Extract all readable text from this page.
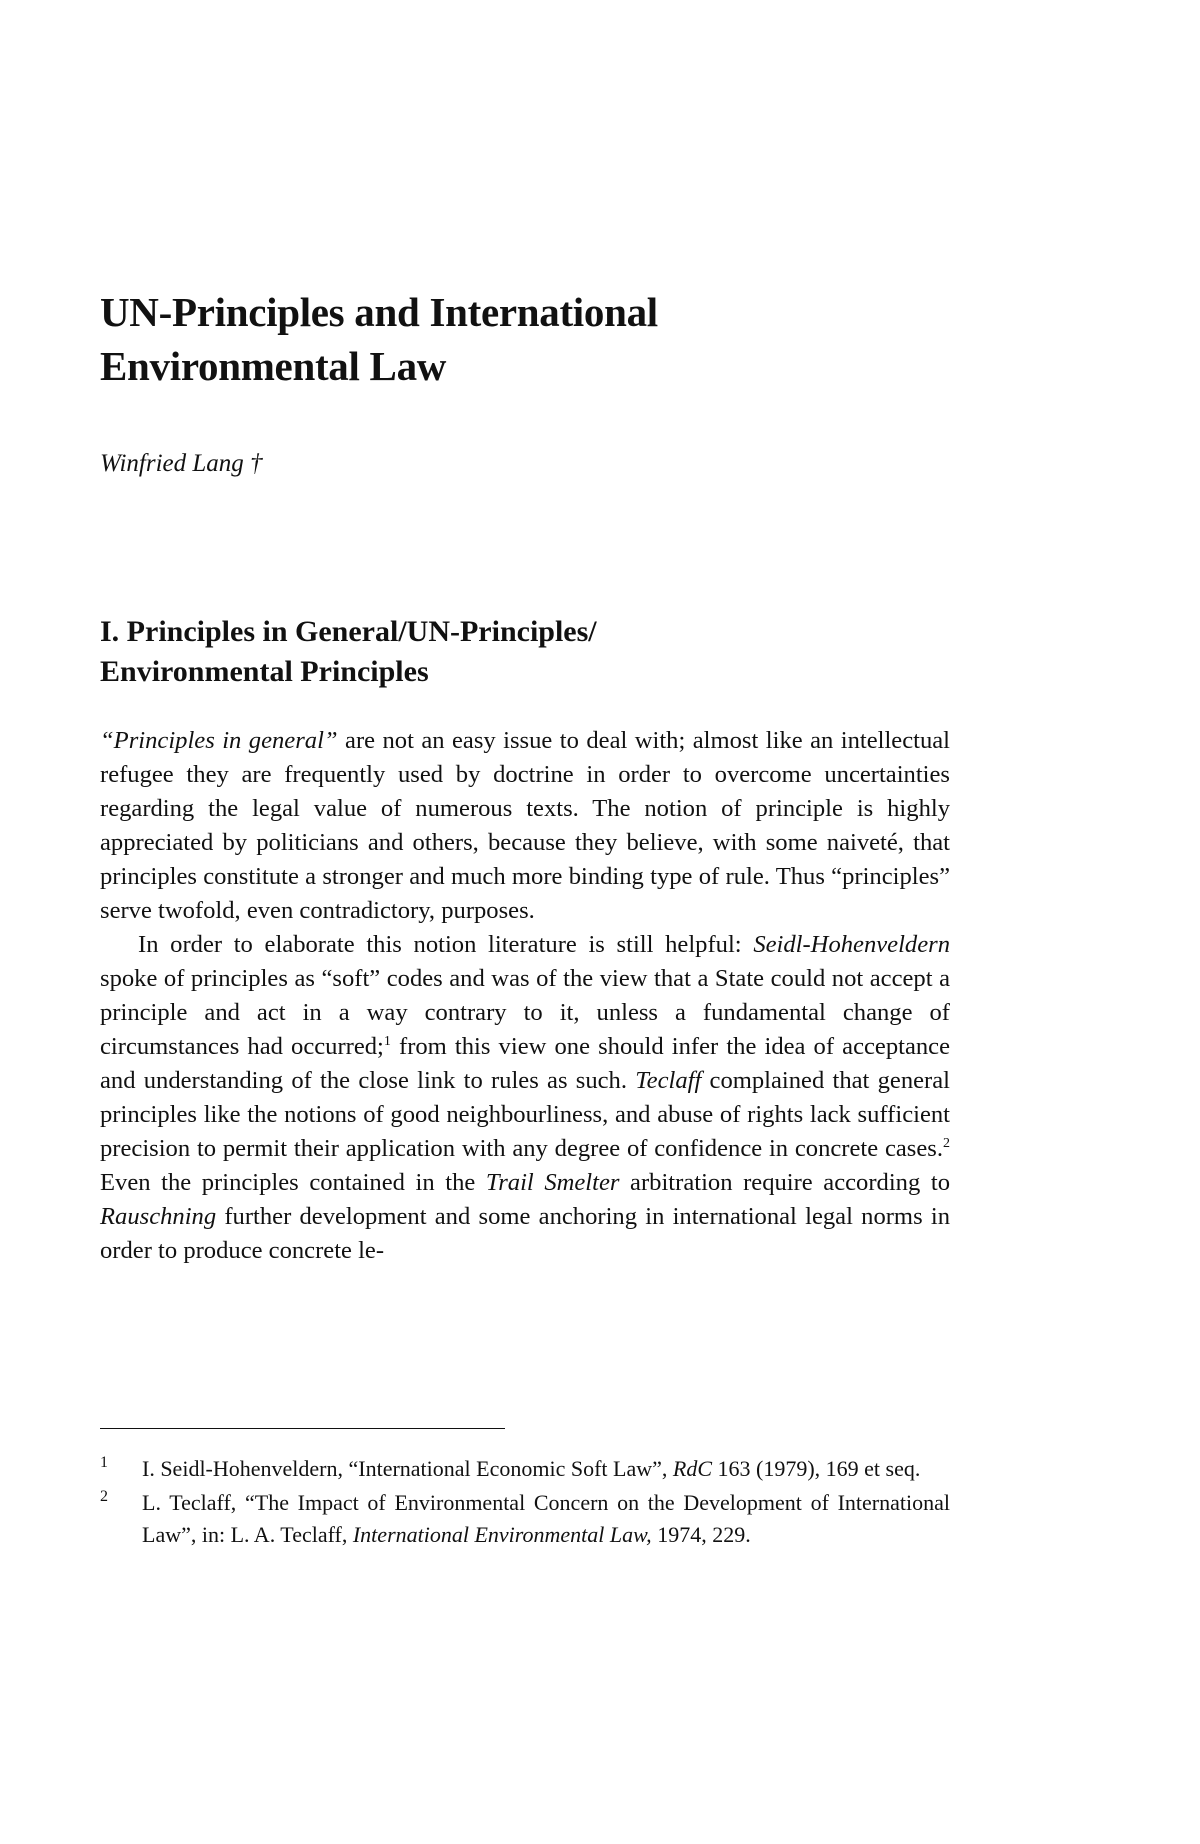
UN-Principles and International
Environmental Law

Winfried Lang †

I. Principles in General/UN-Principles/
Environmental Principles

“Principles in general” are not an easy issue to deal with; almost like an intellectual refugee they are frequently used by doctrine in order to overcome uncertainties regarding the legal value of numerous texts. The notion of principle is highly appreciated by politicians and others, because they believe, with some naiveté, that principles constitute a stronger and much more binding type of rule. Thus “principles” serve twofold, even contradictory, purposes.

In order to elaborate this notion literature is still helpful: Seidl-Hohenveldern spoke of principles as “soft” codes and was of the view that a State could not accept a principle and act in a way contrary to it, unless a fundamental change of circumstances had occurred;$^1$ from this view one should infer the idea of acceptance and understanding of the close link to rules as such. Teclaff complained that general principles like the notions of good neighbourliness, and abuse of rights lack sufficient precision to permit their application with any degree of confidence in concrete cases.$^2$ Even the principles contained in the Trail Smelter arbitration require according to Rauschning further development and some anchoring in international legal norms in order to produce concrete le-

1 I. Seidl-Hohenveldern, “International Economic Soft Law”, RdC 163 (1979), 169 et seq.
2 L. Teclaff, “The Impact of Environmental Concern on the Development of International Law”, in: L. A. Teclaff, International Environmental Law, 1974, 229.
